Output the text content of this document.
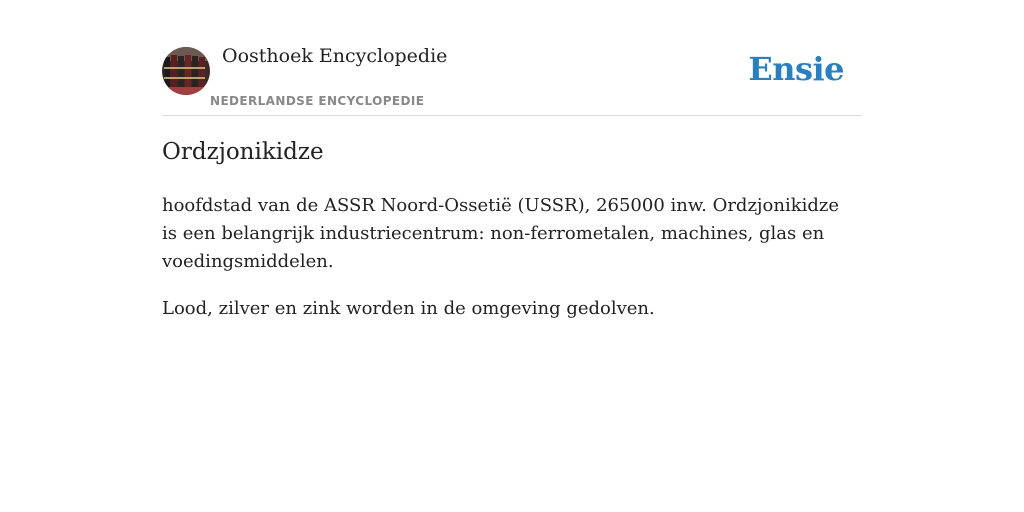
Oosthoek Encyclopedie
NEDERLANDSE ENCYCLOPEDIE
Ensie
Ordzjonikidze

hoofdstad van de ASSR Noord-Ossetië (USSR), 265000 inw. Ordzjonikidze is een belangrijk industriecentrum: non-ferrometalen, machines, glas en voedingsmiddelen.

Lood, zilver en zink worden in de omgeving gedolven.
